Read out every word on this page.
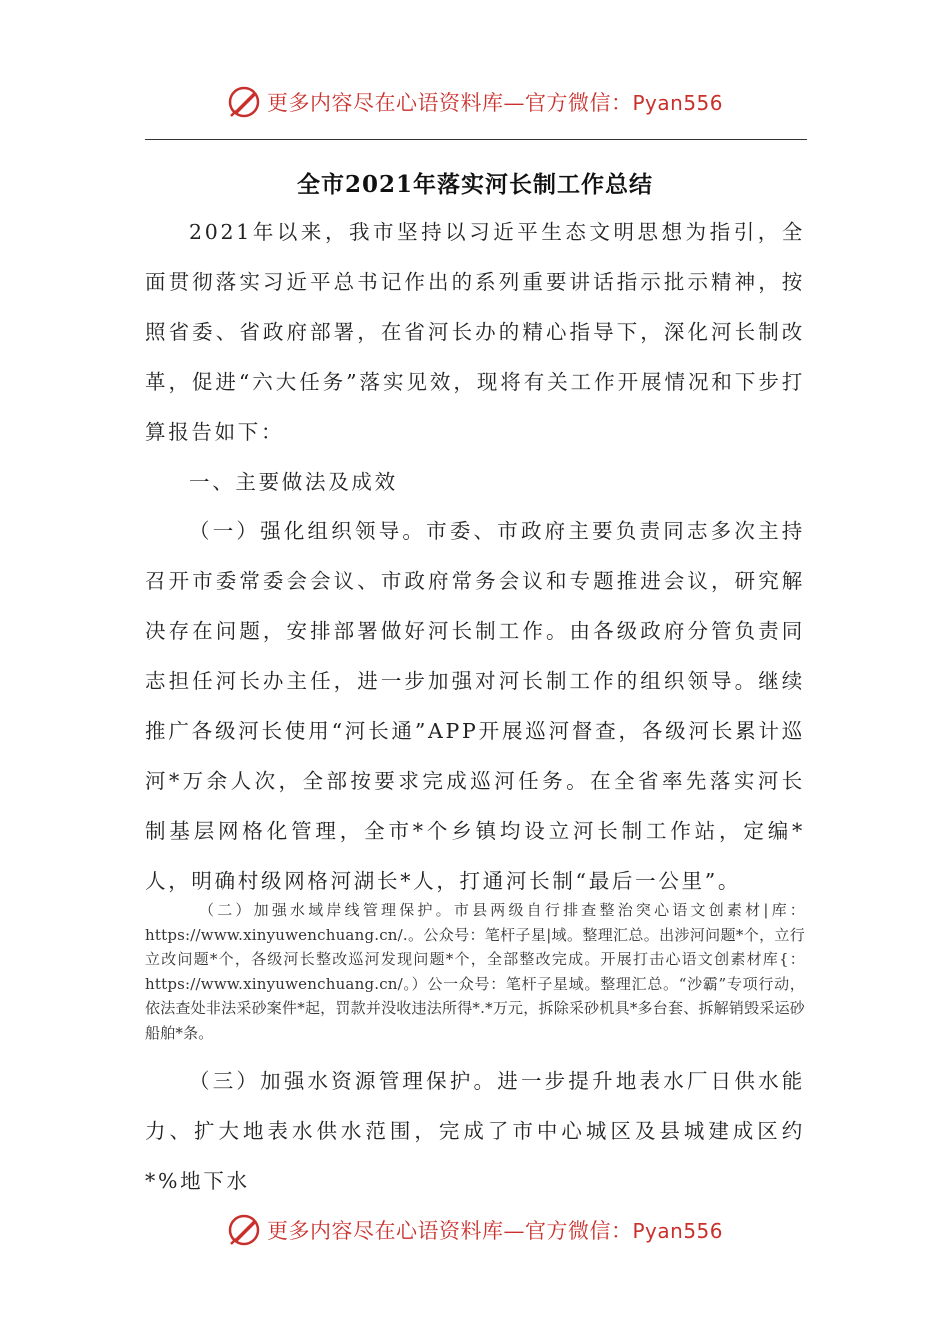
更多内容尽在心语资料库—官方微信：Pyan556
全市2021年落实河长制工作总结
2021年以来，我市坚持以习近平生态文明思想为指引，全面贯彻落实习近平总书记作出的系列重要讲话指示批示精神，按照省委、省政府部署，在省河长办的精心指导下，深化河长制改革，促进“六大任务”落实见效，现将有关工作开展情况和下步打算报告如下：
一、主要做法及成效
（一）强化组织领导。市委、市政府主要负责同志多次主持召开市委常委会会议、市政府常务会议和专题推进会议，研究解决存在问题，安排部署做好河长制工作。由各级政府分管负责同志担任河长办主任，进一步加强对河长制工作的组织领导。继续推广各级河长使用“河长通”APP开展巡河督查，各级河长累计巡河*万余人次，全部按要求完成巡河任务。在全省率先落实河长制基层网格化管理，全市*个乡镇均设立河长制工作站，定编*人，明确村级网格河湖长*人，打通河长制“最后一公里”。
（二）加强水域岸线管理保护。市县两级自行排查整治突心语文创素材|库：https://www.xinyuwenchuang.cn/.。公众号：笔杆子星|域。整理汇总。出涉河问题*个，立行立改问题*个，各级河长整改巡河发现问题*个，全部整改完成。开展打击心语文创素材库{：https://www.xinyuwenchuang.cn/。）公一众号：笔杆子星域。整理汇总。“沙霸”专项行动，依法查处非法采砂案件*起，罚款并没收违法所得*.*万元，拆除采砂机具*多台套、拆解销毁采运砂船舶*条。
（三）加强水资源管理保护。进一步提升地表水厂日供水能力、扩大地表水供水范围，完成了市中心城区及县城建成区约*%地下水
更多内容尽在心语资料库—官方微信：Pyan556
